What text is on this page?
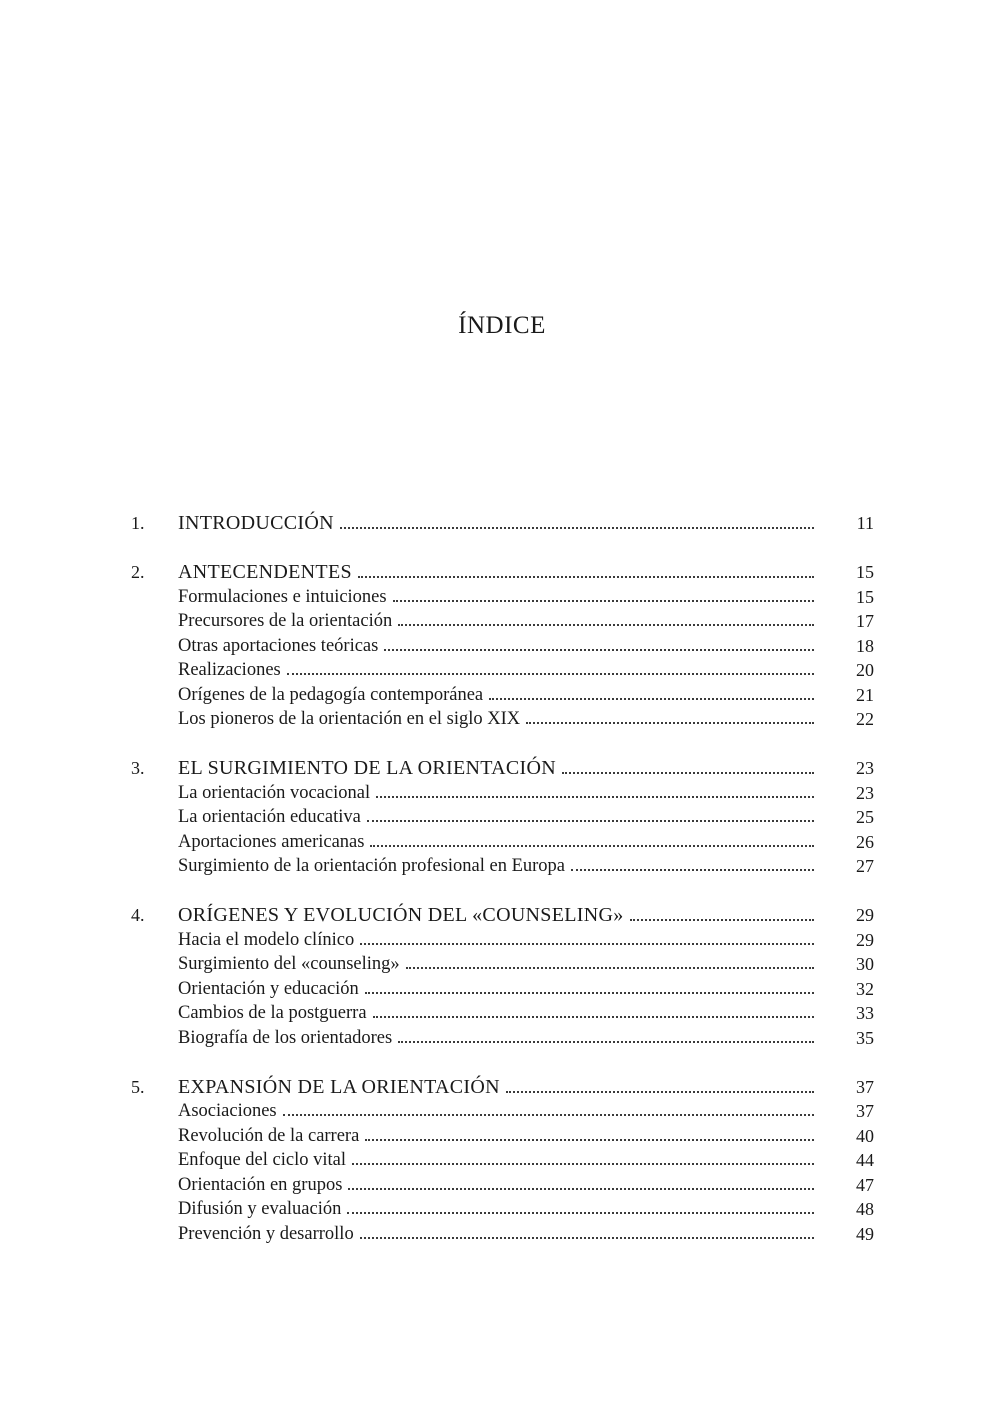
ÍNDICE
1. INTRODUCCIÓN	11
2. ANTECENDENTES	15
Formulaciones e intuiciones	15
Precursores de la orientación	17
Otras aportaciones teóricas	18
Realizaciones	20
Orígenes de la pedagogía contemporánea	21
Los pioneros de la orientación en el siglo XIX	22
3. EL SURGIMIENTO DE LA ORIENTACIÓN	23
La orientación vocacional	23
La orientación educativa	25
Aportaciones americanas	26
Surgimiento de la orientación profesional en Europa	27
4. ORÍGENES Y EVOLUCIÓN DEL «COUNSELING»	29
Hacia el modelo clínico	29
Surgimiento del «counseling»	30
Orientación y educación	32
Cambios de la postguerra	33
Biografía de los orientadores	35
5. EXPANSIÓN DE LA ORIENTACIÓN	37
Asociaciones	37
Revolución de la carrera	40
Enfoque del ciclo vital	44
Orientación en grupos	47
Difusión y evaluación	48
Prevención y desarrollo	49
